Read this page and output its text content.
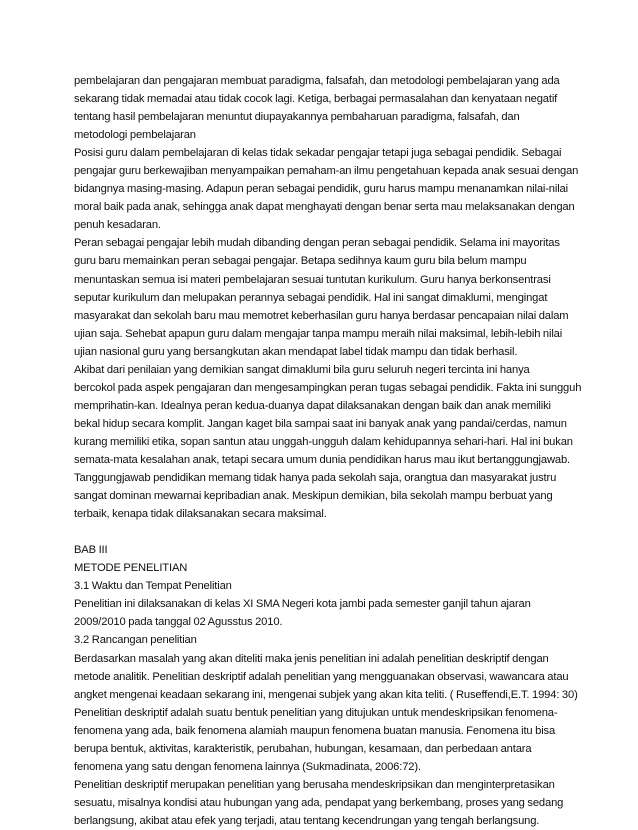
pembelajaran dan pengajaran membuat paradigma, falsafah, dan metodologi pembelajaran yang ada
sekarang tidak memadai atau tidak cocok lagi. Ketiga, berbagai permasalahan dan kenyataan negatif
tentang hasil pembelajaran menuntut diupayakannya pembaharuan paradigma, falsafah, dan
metodologi pembelajaran
Posisi guru dalam pembelajaran di kelas tidak sekadar pengajar tetapi juga sebagai pendidik. Sebagai
pengajar guru berkewajiban menyampaikan pemaham-an ilmu pengetahuan kepada anak sesuai dengan
bidangnya masing-masing. Adapun peran sebagai pendidik, guru harus mampu menanamkan nilai-nilai
moral baik pada anak, sehingga anak dapat menghayati dengan benar serta mau melaksanakan dengan
penuh kesadaran.
Peran sebagai pengajar lebih mudah dibanding dengan peran sebagai pendidik. Selama ini mayoritas
guru baru memainkan peran sebagai pengajar. Betapa sedihnya kaum guru bila belum mampu
menuntaskan semua isi materi pembelajaran sesuai tuntutan kurikulum. Guru hanya berkonsentrasi
seputar kurikulum dan melupakan perannya sebagai pendidik. Hal ini sangat dimaklumi, mengingat
masyarakat dan sekolah baru mau memotret keberhasilan guru hanya berdasar pencapaian nilai dalam
ujian saja. Sehebat apapun guru dalam mengajar tanpa mampu meraih nilai maksimal, lebih-lebih nilai
ujian nasional guru yang bersangkutan akan mendapat label tidak mampu dan tidak berhasil.
Akibat dari penilaian yang demikian sangat dimaklumi bila guru seluruh negeri tercinta ini hanya
bercokol pada aspek pengajaran dan mengesampingkan peran tugas sebagai pendidik. Fakta ini sungguh
memprihatin-kan. Idealnya peran kedua-duanya dapat dilaksanakan dengan baik dan anak memiliki
bekal hidup secara komplit. Jangan kaget bila sampai saat ini banyak anak yang pandai/cerdas, namun
kurang memiliki etika, sopan santun atau unggah-ungguh dalam kehidupannya sehari-hari. Hal ini bukan
semata-mata kesalahan anak, tetapi secara umum dunia pendidikan harus mau ikut bertanggungjawab.
Tanggungjawab pendidikan memang tidak hanya pada sekolah saja, orangtua dan masyarakat justru
sangat dominan mewarnai kepribadian anak. Meskipun demikian, bila sekolah mampu berbuat yang
terbaik, kenapa tidak dilaksanakan secara maksimal.
BAB III
METODE PENELITIAN
3.1 Waktu dan Tempat Penelitian
Penelitian ini dilaksanakan di kelas XI SMA Negeri kota jambi pada semester ganjil tahun ajaran
2009/2010 pada tanggal 02 Agusstus 2010.
3.2 Rancangan penelitian
Berdasarkan masalah yang akan diteliti maka jenis penelitian ini adalah penelitian deskriptif dengan
metode analitik. Penelitian deskriptif adalah penelitian yang mengguanakan observasi, wawancara atau
angket mengenai keadaan sekarang ini, mengenai subjek yang akan kita teliti. ( Ruseffendi,E.T. 1994: 30)
Penelitian deskriptif adalah suatu bentuk penelitian yang ditujukan untuk mendeskripsikan fenomena-
fenomena yang ada, baik fenomena alamiah maupun fenomena buatan manusia. Fenomena itu bisa
berupa bentuk, aktivitas, karakteristik, perubahan, hubungan, kesamaan, dan perbedaan antara
fenomena yang satu dengan fenomena lainnya (Sukmadinata, 2006:72).
Penelitian deskriptif merupakan penelitian yang berusaha mendeskripsikan dan menginterpretasikan
sesuatu, misalnya kondisi atau hubungan yang ada, pendapat yang berkembang, proses yang sedang
berlangsung, akibat atau efek yang terjadi, atau tentang kecendrungan yang tengah berlangsung.
